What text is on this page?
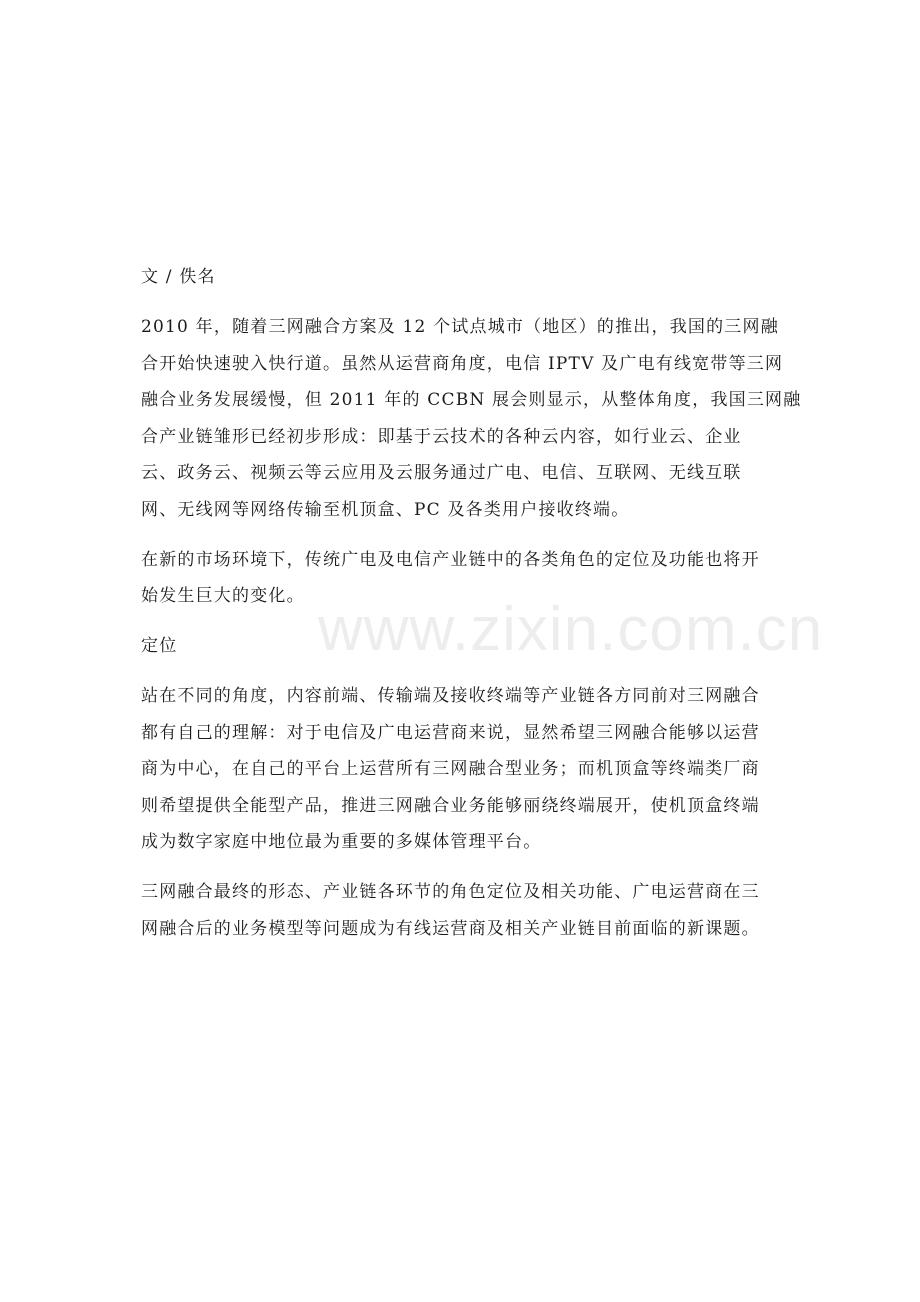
www.zixin.com.cn
文 / 佚名
2010 年，随着三网融合方案及 12 个试点城市（地区）的推出，我国的三网融
合开始快速驶入快行道。虽然从运营商角度，电信 IPTV 及广电有线宽带等三网
融合业务发展缓慢，但 2011 年的 CCBN 展会则显示，从整体角度，我国三网融
合产业链雏形已经初步形成：即基于云技术的各种云内容，如行业云、企业
云、政务云、视频云等云应用及云服务通过广电、电信、互联网、无线互联
网、无线网等网络传输至机顶盒、PC 及各类用户接收终端。
在新的市场环境下，传统广电及电信产业链中的各类角色的定位及功能也将开
始发生巨大的变化。
定位
站在不同的角度，内容前端、传输端及接收终端等产业链各方同前对三网融合
都有自己的理解：对于电信及广电运营商来说，显然希望三网融合能够以运营
商为中心，在自己的平台上运营所有三网融合型业务；而机顶盒等终端类厂商
则希望提供全能型产品，推进三网融合业务能够丽绕终端展开，使机顶盒终端
成为数字家庭中地位最为重要的多媒体管理平台。
三网融合最终的形态、产业链各环节的角色定位及相关功能、广电运营商在三
网融合后的业务模型等问题成为有线运营商及相关产业链目前面临的新课题。
